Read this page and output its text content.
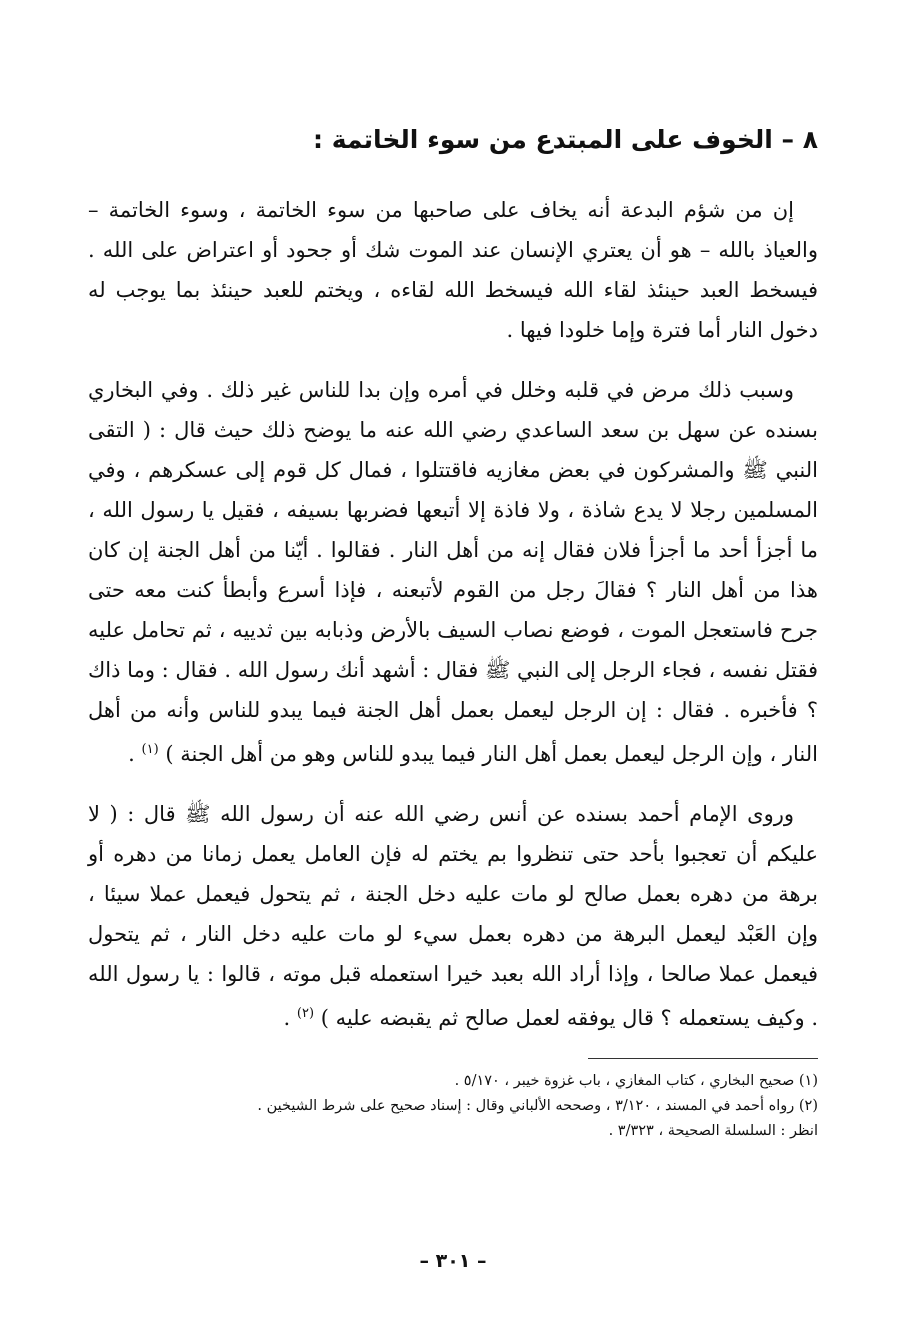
٨ – الخوف على المبتدع من سوء الخاتمة :

إن من شؤم البدعة أنه يخاف على صاحبها من سوء الخاتمة ، وسوء الخاتمة – والعياذ بالله – هو أن يعتري الإنسان عند الموت شك أو جحود أو اعتراض على الله . فيسخط العبد حينئذ لقاء الله فيسخط الله لقاءه ، ويختم للعبد حينئذ بما يوجب له دخول النار أما فترة وإما خلودا فيها .

وسبب ذلك مرض في قلبه وخلل في أمره وإن بدا للناس غير ذلك . وفي البخاري بسنده عن سهل بن سعد الساعدي رضي الله عنه ما يوضح ذلك حيث قال : ( التقى النبي ﷺ والمشركون في بعض مغازيه فاقتتلوا ، فمال كل قوم إلى عسكرهم ، وفي المسلمين رجلا لا يدع شاذة ، ولا فاذة إلا أتبعها فضربها بسيفه ، فقيل يا رسول الله ، ما أجزأ أحد ما أجزأ فلان فقال إنه من أهل النار . فقالوا . أيّنا من أهل الجنة إن كان هذا من أهل النار ؟ فقالَ رجل من القوم لأتبعنه ، فإذا أسرع وأبطأ كنت معه حتى جرح فاستعجل الموت ، فوضع نصاب السيف بالأرض وذبابه بين ثدييه ، ثم تحامل عليه فقتل نفسه ، فجاء الرجل إلى النبي ﷺ فقال : أشهد أنك رسول الله . فقال : وما ذاك ؟ فأخبره . فقال : إن الرجل ليعمل بعمل أهل الجنة فيما يبدو للناس وأنه من أهل النار ، وإن الرجل ليعمل بعمل أهل النار فيما يبدو للناس وهو من أهل الجنة ) $^{(١)}$ .

وروى الإمام أحمد بسنده عن أنس رضي الله عنه أن رسول الله ﷺ قال : ( لا عليكم أن تعجبوا بأحد حتى تنظروا بم يختم له فإن العامل يعمل زمانا من دهره أو برهة من دهره بعمل صالح لو مات عليه دخل الجنة ، ثم يتحول فيعمل عملا سيئا ، وإن العَبْد ليعمل البرهة من دهره بعمل سيء لو مات عليه دخل النار ، ثم يتحول فيعمل عملا صالحا ، وإذا أراد الله بعبد خيرا استعمله قبل موته ، قالوا : يا رسول الله . وكيف يستعمله ؟ قال يوفقه لعمل صالح ثم يقبضه عليه ) $^{(٢)}$ .

(١) صحيح البخاري ، كتاب المغازي ، باب غزوة خيبر ، ٥/١٧٠ .

(٢) رواه أحمد في المسند ، ٣/١٢٠ ، وصححه الألباني وقال : إسناد صحيح على شرط الشيخين .

انظر : السلسلة الصحيحة ، ٣/٣٢٣ .

– ٣٠١ –
